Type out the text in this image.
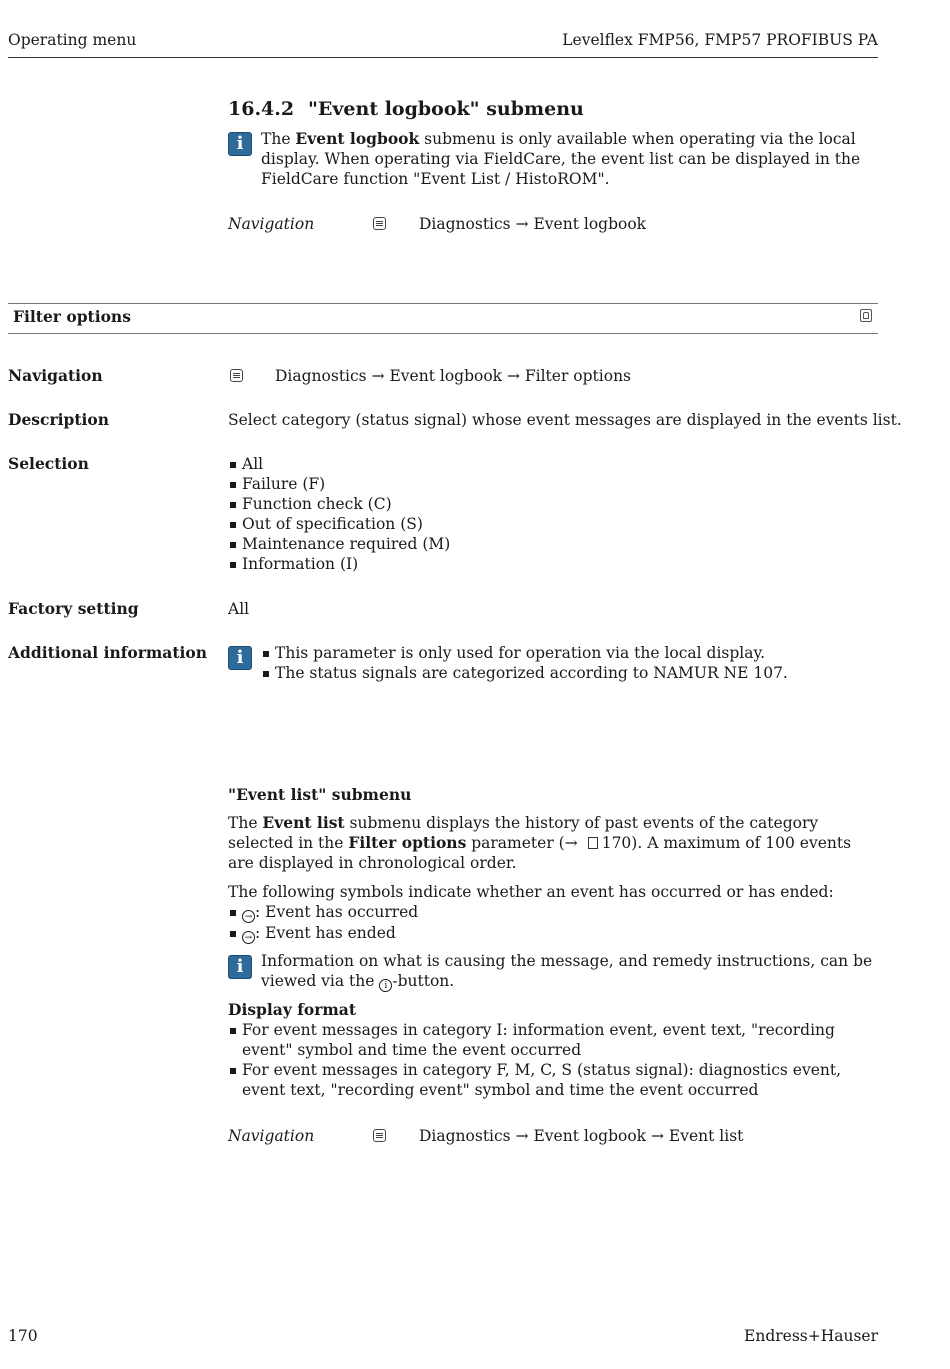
Operating menu	Levelflex FMP56, FMP57 PROFIBUS PA
16.4.2 "Event logbook" submenu
i The Event logbook submenu is only available when operating via the local display. When operating via FieldCare, the event list can be displayed in the FieldCare function "Event List / HistoROM".
Navigation	Diagnostics → Event logbook
Filter options
Navigation	Diagnostics → Event logbook → Filter options
Description	Select category (status signal) whose event messages are displayed in the events list.
Selection	All
Failure (F)
Function check (C)
Out of specification (S)
Maintenance required (M)
Information (I)
Factory setting	All
Additional information i	This parameter is only used for operation via the local display.
The status signals are categorized according to NAMUR NE 107.
"Event list" submenu
The Event list submenu displays the history of past events of the category selected in the Filter options parameter (→ 170). A maximum of 100 events are displayed in chronological order.
The following symbols indicate whether an event has occurred or has ended:
→ : Event has occurred
→ : Event has ended
i Information on what is causing the message, and remedy instructions, can be viewed via the i -button.
Display format
For event messages in category I: information event, event text, "recording event" symbol and time the event occurred
For event messages in category F, M, C, S (status signal): diagnostics event, event text, "recording event" symbol and time the event occurred
Navigation	Diagnostics → Event logbook → Event list
170	Endress+Hauser
